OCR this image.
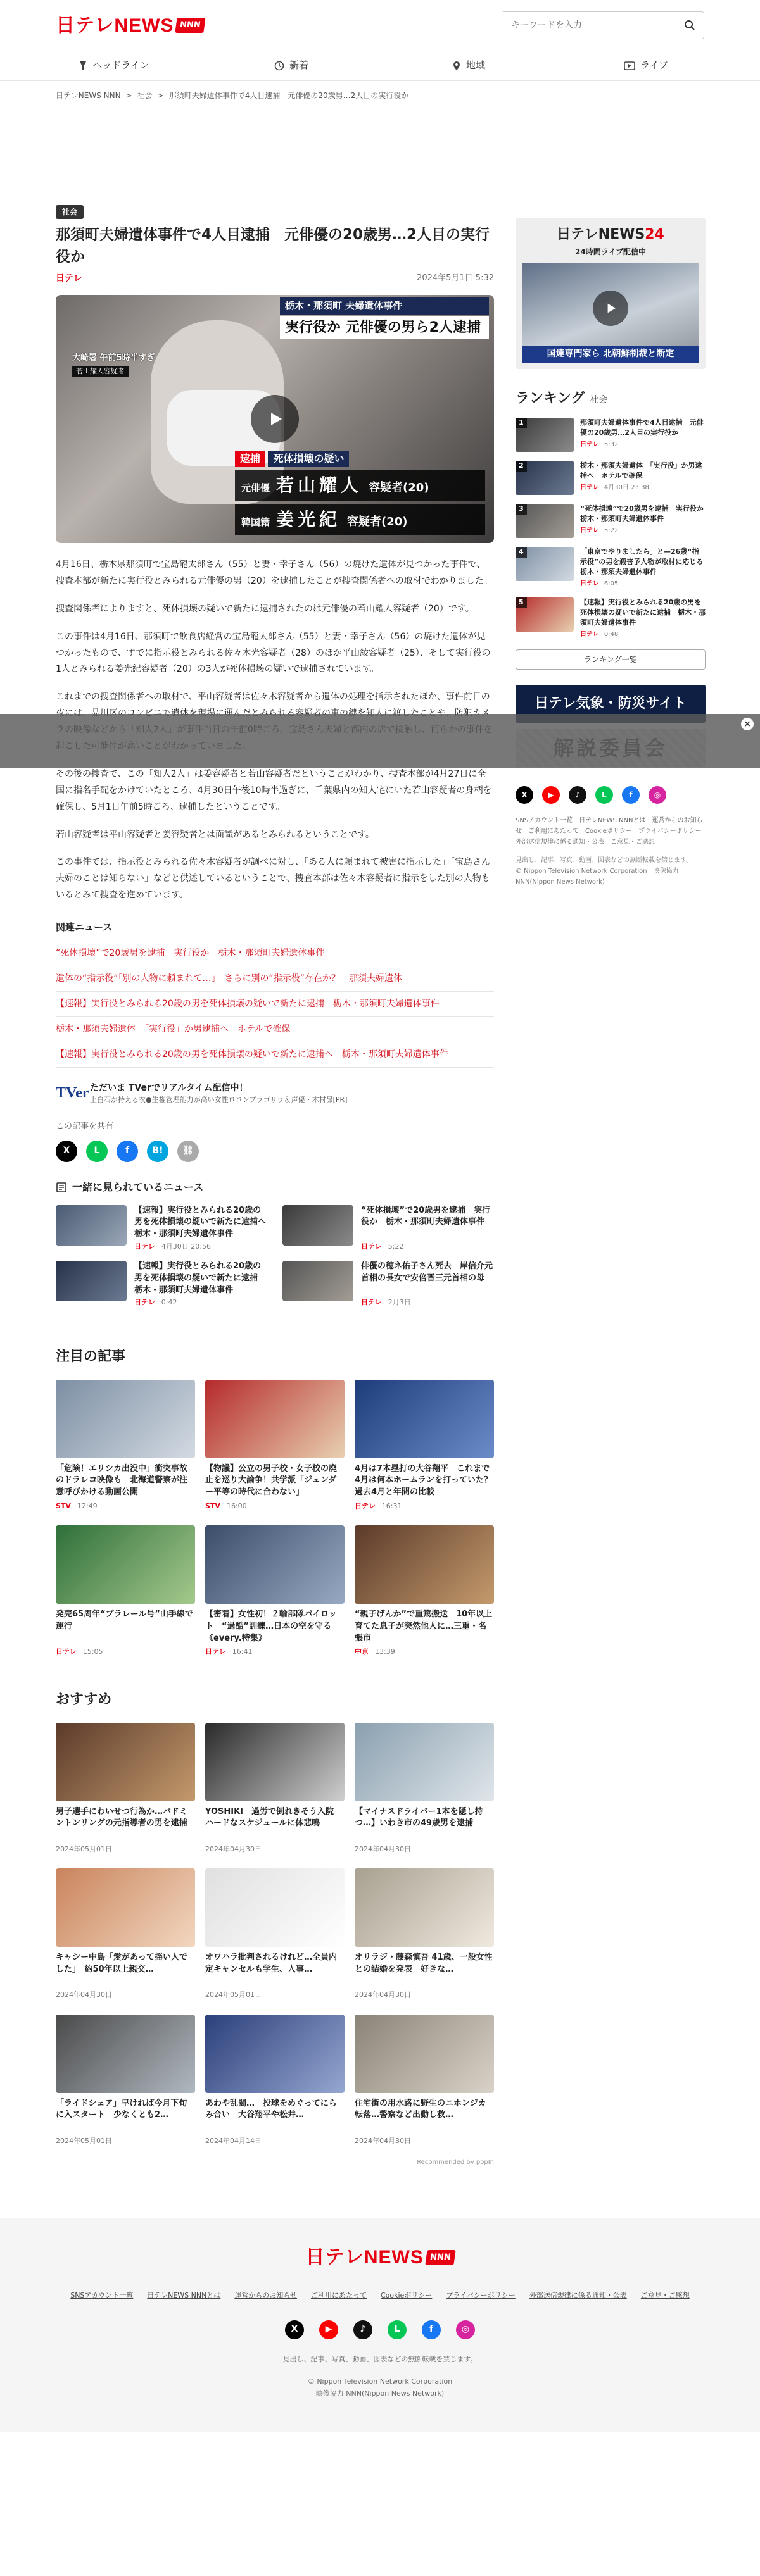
日テレNEWS NNN
キーワードを入力
ヘッドライン	新着	地域	ライブ
日テレNEWS NNN > 社会 > 那須町夫婦遺体事件で4人目逮捕　元俳優の20歳男…2人目の実行役か
社会
那須町夫婦遺体事件で4人目逮捕　元俳優の20歳男…2人目の実行役か
日テレ	2024年5月1日 5:32
栃木・那須町 夫婦遺体事件
実行役か 元俳優の男ら2人逮捕
大崎署 午前5時半すぎ
若山耀人容疑者
逮捕 死体損壊の疑い
元俳優 若山耀人 容疑者(20)
韓国籍 姜光紀 容疑者(20)

4月16日、栃木県那須町で宝島龍太郎さん（55）と妻・幸子さん（56）の焼けた遺体が見つかった事件で、捜査本部が新たに実行役とみられる元俳優の男（20）を逮捕したことが捜査関係者への取材でわかりました。

捜査関係者によりますと、死体損壊の疑いで新たに逮捕されたのは元俳優の若山耀人容疑者（20）です。

この事件は4月16日、那須町で飲食店経営の宝島龍太郎さん（55）と妻・幸子さん（56）の焼けた遺体が見つかったもので、すでに指示役とみられる佐々木光容疑者（28）のほか平山綾容疑者（25）、そして実行役の1人とみられる姜光紀容疑者（20）の3人が死体損壊の疑いで逮捕されています。

これまでの捜査関係者への取材で、平山容疑者は佐々木容疑者から遺体の処理を指示されたほか、事件前日の

その後の捜査で、この「知人2人」は姜容疑者と若山容疑者だということがわかり、捜査本部が4月27日に全国に指名手配をかけていたところ、4月30日午後10時半過ぎに、千葉県内の知人宅にいた若山容疑者の身柄を確保し、5月1日午前5時ごろ、逮捕したということです。

若山容疑者は平山容疑者と姜容疑者とは面識があるとみられるということです。

この事件では、指示役とみられる佐々木容疑者が調べに対し、「ある人に頼まれて被害に指示した」「宝島さん夫婦のことは知らない」などと供述しているということで、捜査本部は佐々木容疑者に指示をした別の人物もいるとみて捜査を進めています。

関連ニュース
“死体損壊”で20歳男を逮捕　実行役か　栃木・那須町夫婦遺体事件
遺体の“指示役”「別の人物に頼まれて…」　さらに別の“指示役”存在か？　那須夫婦遺体
【速報】実行役とみられる20歳の男を死体損壊の疑いで新たに逮捕　栃木・那須町夫婦遺体事件
栃木・那須夫婦遺体　「実行役」か男逮捕へ　ホテルで確保
【速報】実行役とみられる20歳の男を死体損壊の疑いで新たに逮捕へ　栃木・那須町夫婦遺体事件
TVer ただいま TVerでリアルタイム配信中！
上白石が持える衣●生権管理能力が高い女性ロコンプラゴリラ＆声優・木村昴[PR]
この記事を共有
X	L	f	B!	⛓
一緒に見られているニュース
【速報】実行役とみられる20歳の男を死体損壊の疑いで新たに逮捕へ　栃木・那須町夫婦遺体事件
日テレ 4月30日 20:56
“死体損壊”で20歳男を逮捕　実行役か　栃木・那須町夫婦遺体事件
日テレ 5:22
【速報】実行役とみられる20歳の男を死体損壊の疑いで新たに逮捕　栃木・那須町夫婦遺体事件
日テレ 0:42
俳優の穂ネ佑子さん死去　岸信介元首相の長女で安倍晋三元首相の母
日テレ 2月3日
注目の記事
「危険！エリシカ出没中」衝突事故のドラレコ映像も　北海道警察が注意呼びかける動画公開
STV 12:49
【物議】公立の男子校・女子校の廃止を巡り大論争！共学派「ジェンダー平等の時代に合わない」
STV 16:00
4月は7本塁打の大谷翔平　これまで4月は何本ホームランを打っていた？　過去4月と年間の比較
日テレ 16:31
発売65周年“プラレール号”山手線で運行
日テレ 15:05
【密着】女性初！２輪部隊パイロット　“過酷”訓練…日本の空を守る《every.特集》
日テレ 16:41
“親子げんか”で重篤搬送　10年以上育てた息子が突然他人に…三重・名張市
中京 13:39
おすすめ
男子選手にわいせつ行為か…バドミントンリングの元指導者の男を逮捕
2024年05月01日
YOSHIKI　過労で倒れきそう入院　ハードなスケジュールに体悲鳴
2024年04月30日
【マイナスドライバー1本を隠し持つ…】いわき市の49歳男を逮捕
2024年04月30日
キャシー中島「愛があって揺い人でした」　約50年以上親交…
2024年04月30日
オワハラ批判されるけれど…全員内定キャンセルも学生、人事…
2024年05月01日
オリラジ・藤森慎吾 41歳、一般女性との結婚を発表　好きな…
2024年04月30日
「ライドシェア」早ければ今月下旬に入スタート　少なくとも2…
2024年05月01日
あわや乱闘…　投球をめぐってにらみ合い　大谷翔平や松井…
2024年04月14日
住宅街の用水路に野生のニホンジカ転落…警察など出動し救…
2024年04月30日
Recommended by popIn
日テレNEWS24
24時間ライブ配信中
国連専門家ら 北朝鮮制裁と断定
ランキング 社会
1	那須町夫婦遺体事件で4人目逮捕　元俳優の20歳男…2人目の実行役か
日テレ 5:32
2	栃木・那須夫婦遺体　「実行役」か男逮捕へ　ホテルで確保
日テレ 4月30日 23:38
3	“死体損壊”で20歳男を逮捕　実行役か　栃木・那須町夫婦遺体事件
日テレ 5:22
4	「東京でやりましたら」と—26歳“指示役”の男を殺害予人物が取材に応じる　栃木・那須夫婦遺体事件
日テレ 6:05
5	【速報】実行役とみられる20歳の男を死体損壊の疑いで新たに逮捕　栃木・那須町夫婦遺体事件
日テレ 0:48
ランキング一覧
日テレ気象・防災サイト
X	▶	♪	L	f	◎
SNSアカウント一覧　日テレNEWS NNNとは　運営からのお知らせ　ご利用にあたって　Cookieポリシー　プライバシーポリシー　外部送信規律に係る通知・公表　ご意見・ご感想
見出し、記事、写真、動画、図表などの無断転載を禁じます。
© Nippon Television Network Corporation　映像協力 NNN(Nippon News Network)
日テレNEWS NNN
SNSアカウント一覧 日テレNEWS NNNとは 運営からのお知らせ ご利用にあたって Cookieポリシー プライバシーポリシー 外部送信規律に係る通知・公表 ご意見・ご感想
X	▶	♪	L	f	◎
見出し、記事、写真、動画、図表などの無断転載を禁じます。
© Nippon Television Network Corporation
映像協力 NNN(Nippon News Network)
×
